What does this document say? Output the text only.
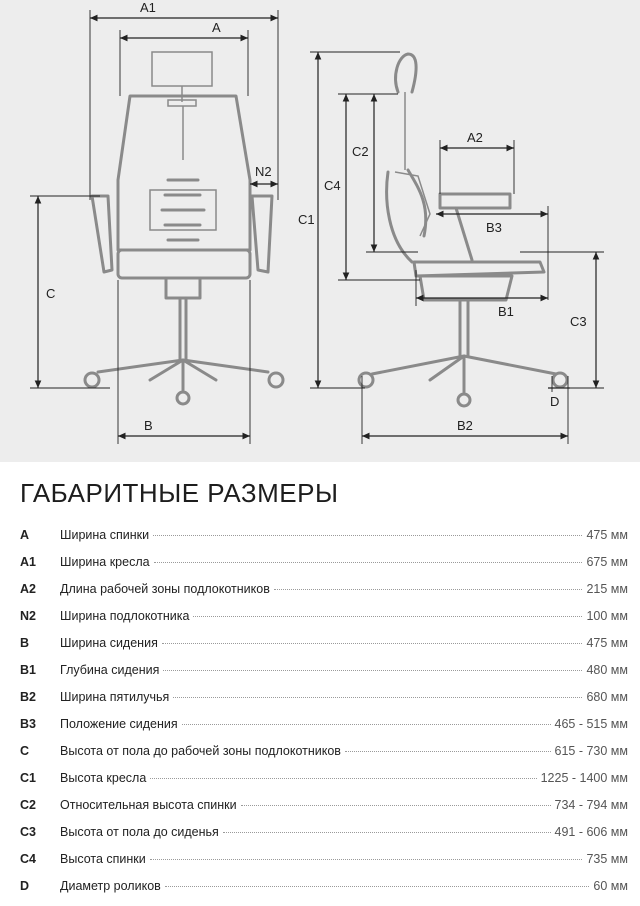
A1
A
N2
C
B
C1
C4
C2
A2
B3
B1
C3
D
B2
ГАБАРИТНЫЕ РАЗМЕРЫ
A	Ширина спинки	475 мм
A1	Ширина кресла	675 мм
A2	Длина рабочей зоны подлокотников	215 мм
N2	Ширина подлокотника	100 мм
B	Ширина сидения	475 мм
B1	Глубина сидения	480 мм
B2	Ширина пятилучья	680 мм
B3	Положение сидения	465 - 515 мм
C	Высота от пола до рабочей зоны подлокотников	615 - 730 мм
C1	Высота кресла	1225 - 1400 мм
C2	Относительная высота спинки	734 - 794 мм
C3	Высота от пола до сиденья	491 - 606 мм
C4	Высота спинки	735 мм
D	Диаметр роликов	60 мм
